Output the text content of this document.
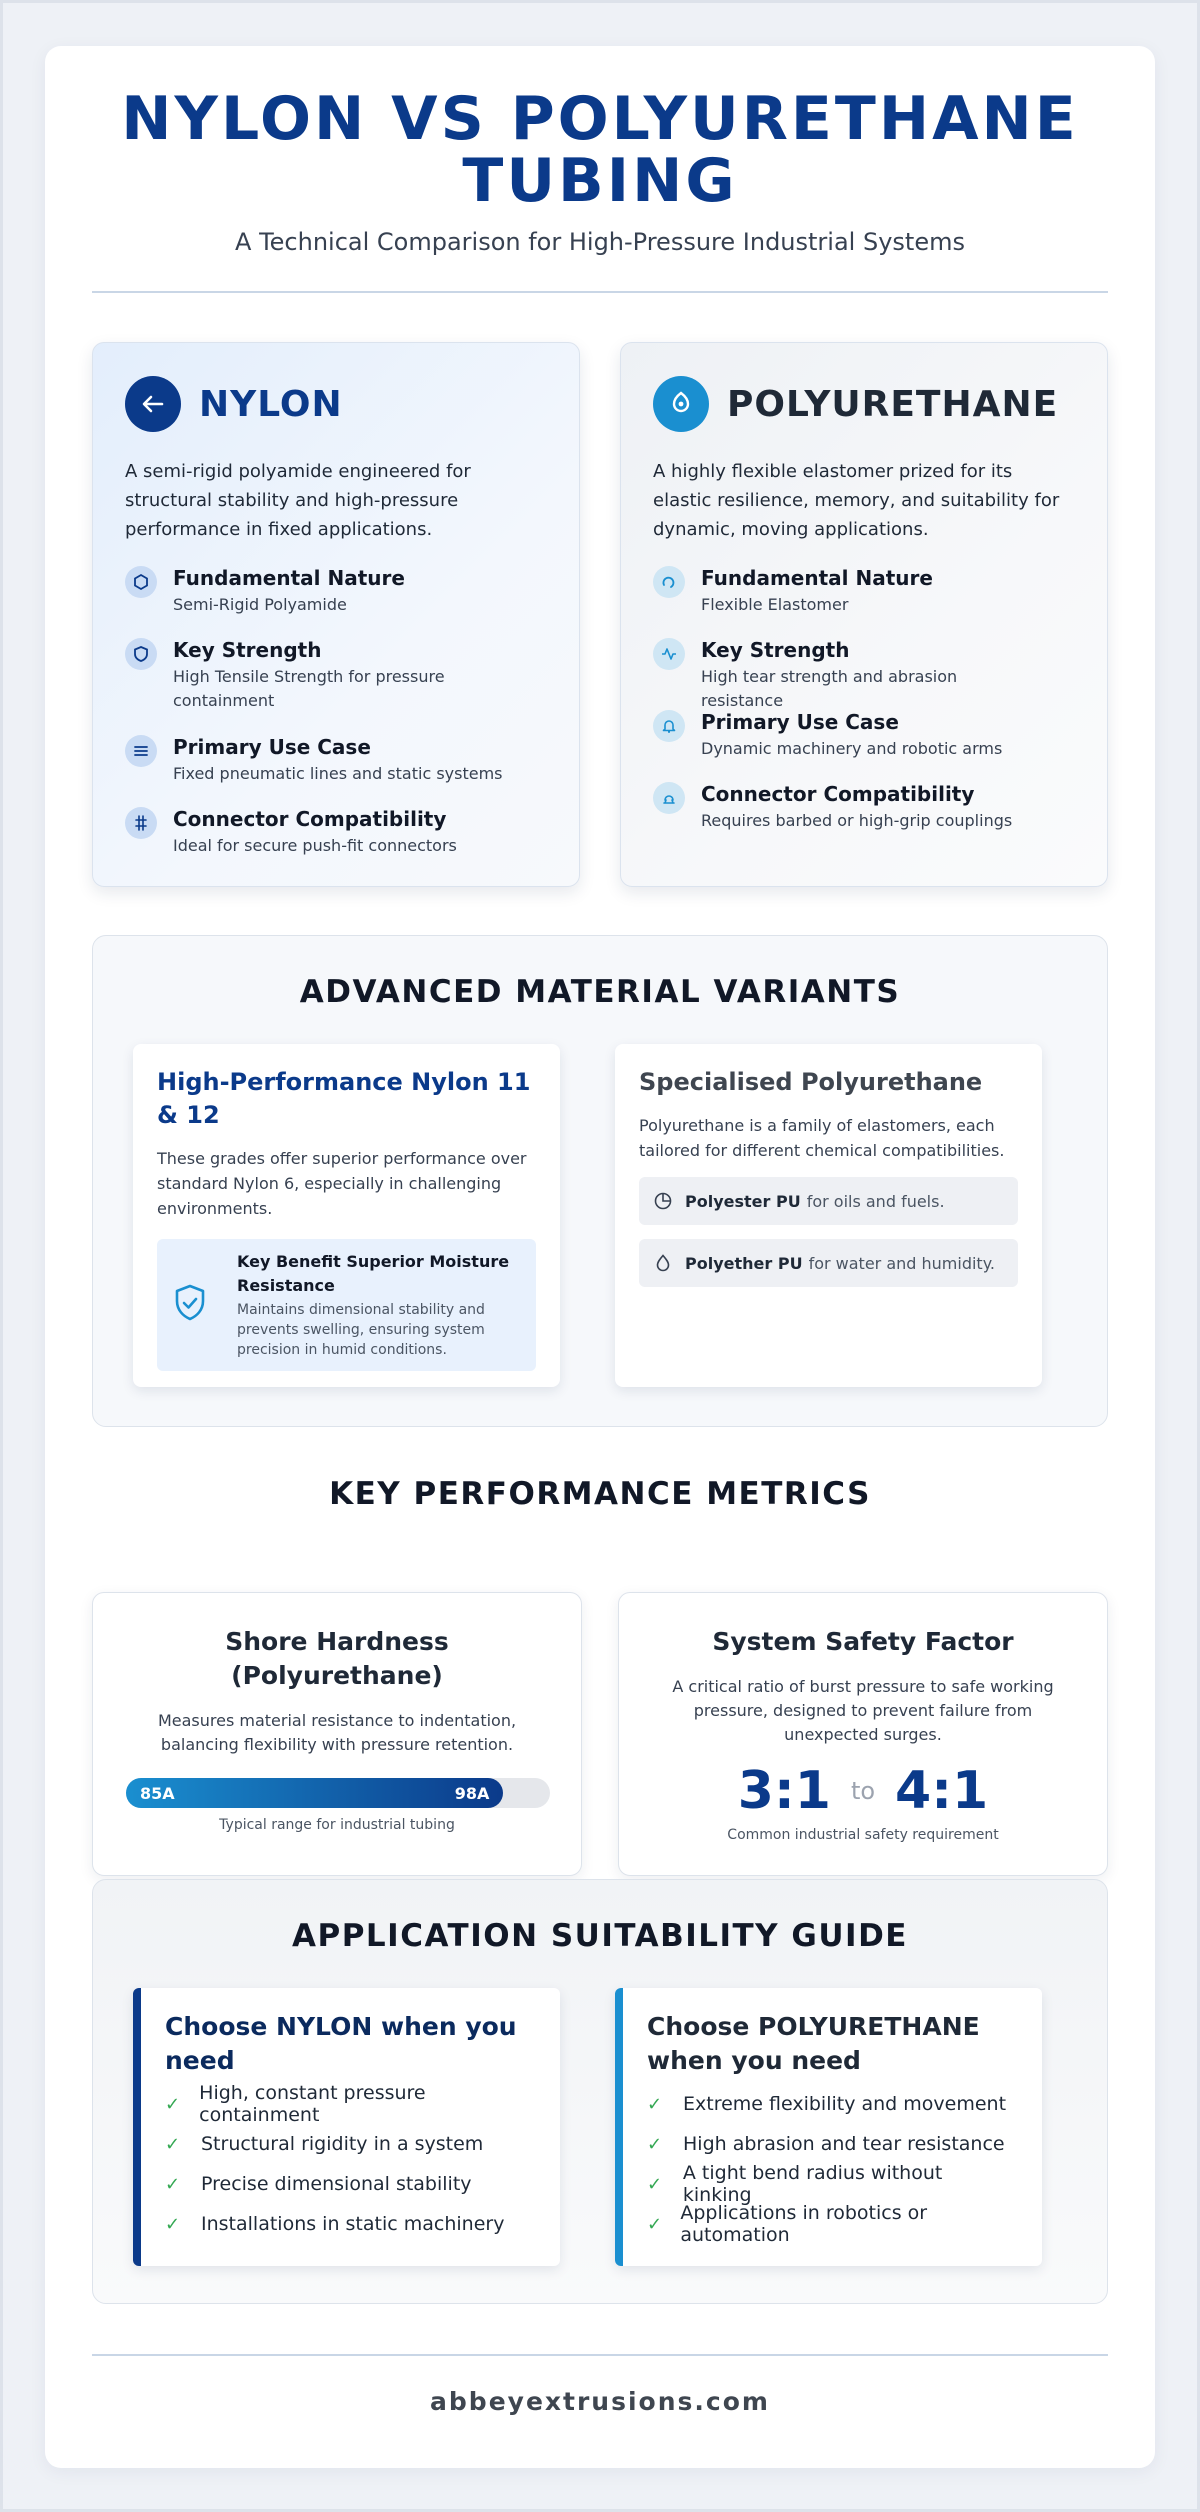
NYLON VS POLYURETHANE TUBING
A Technical Comparison for High-Pressure Industrial Systems
NYLON

A semi-rigid polyamide engineered for structural stability and high-pressure performance in fixed applications.

Fundamental Nature
Semi-Rigid Polyamide
Key Strength
High Tensile Strength for pressure containment
Primary Use Case
Fixed pneumatic lines and static systems
Connector Compatibility
Ideal for secure push-fit connectors
POLYURETHANE

A highly flexible elastomer prized for its elastic resilience, memory, and suitability for dynamic, moving applications.

Fundamental Nature
Flexible Elastomer
Key Strength
High tear strength and abrasion resistance
Primary Use Case
Dynamic machinery and robotic arms
Connector Compatibility
Requires barbed or high-grip couplings
ADVANCED MATERIAL VARIANTS
High-Performance Nylon 11 & 12

These grades offer superior performance over standard Nylon 6, especially in challenging environments.

Key Benefit Superior Moisture Resistance
Maintains dimensional stability and prevents swelling, ensuring system precision in humid conditions.
Specialised Polyurethane

Polyurethane is a family of elastomers, each tailored for different chemical compatibilities.

Polyester PU for oils and fuels.
Polyether PU for water and humidity.
KEY PERFORMANCE METRICS
Shore Hardness (Polyurethane)

Measures material resistance to indentation, balancing flexibility with pressure retention.

85A	98A
Typical range for industrial tubing
System Safety Factor

A critical ratio of burst pressure to safe working pressure, designed to prevent failure from unexpected surges.

3:1 to 4:1
Common industrial safety requirement
APPLICATION SUITABILITY GUIDE
Choose NYLON when you need
✓	High, constant pressure containment
✓	Structural rigidity in a system
✓	Precise dimensional stability
✓	Installations in static machinery
Choose POLYURETHANE when you need
✓	Extreme flexibility and movement
✓	High abrasion and tear resistance
✓	A tight bend radius without kinking
✓ Applications in robotics or automation
abbeyextrusions.com
